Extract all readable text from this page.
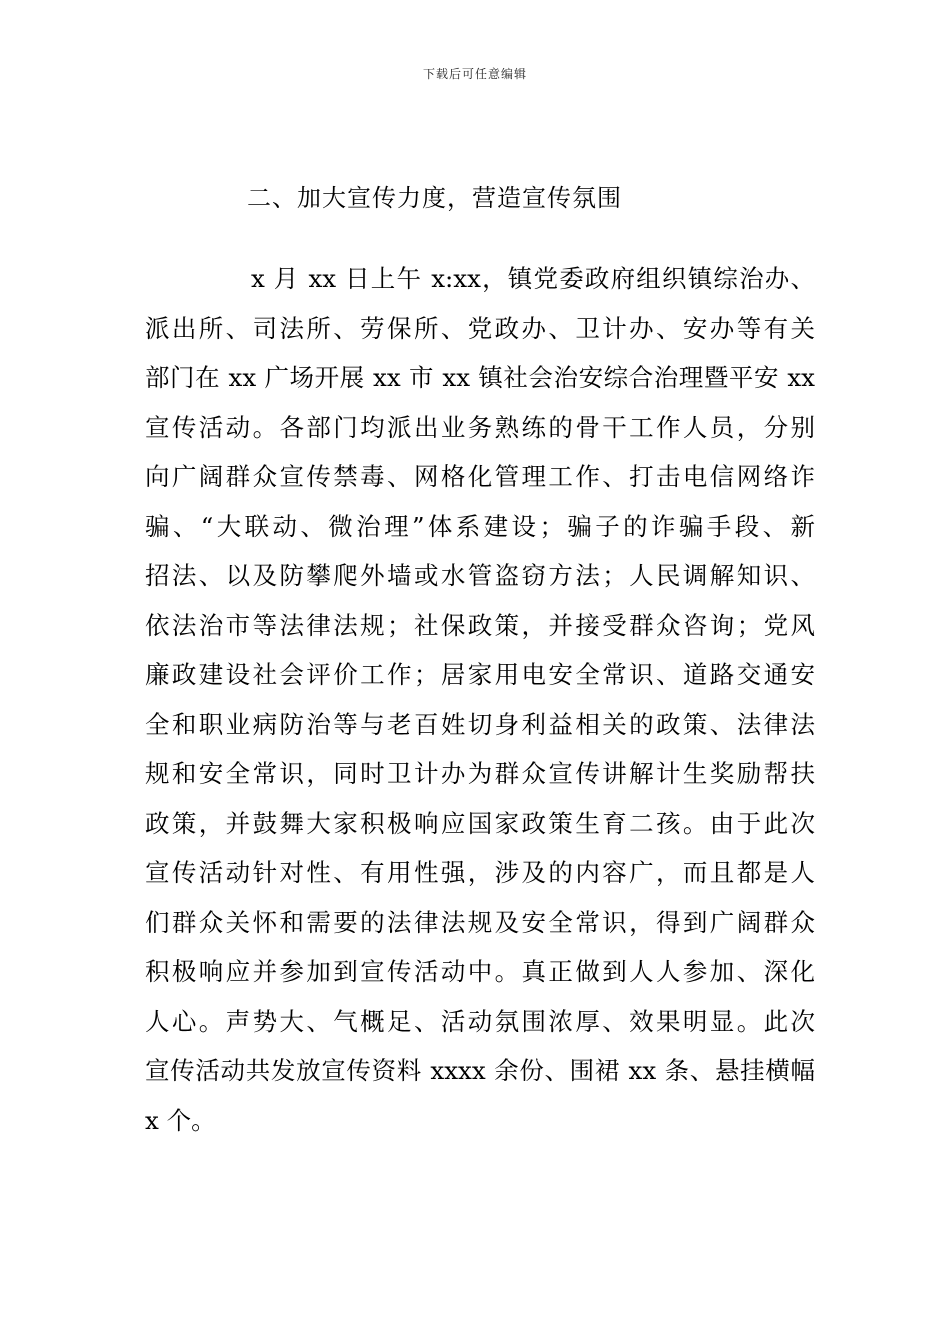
下载后可任意编辑
二、加大宣传力度，营造宣传氛围
x 月 xx 日上午 x:xx，镇党委政府组织镇综治办、
派出所、司法所、劳保所、党政办、卫计办、安办等有关
部门在 xx 广场开展 xx 市 xx 镇社会治安综合治理暨平安 xx
宣传活动。各部门均派出业务熟练的骨干工作人员，分别
向广阔群众宣传禁毒、网格化管理工作、打击电信网络诈
骗、“大联动、微治理”体系建设；骗子的诈骗手段、新
招法、以及防攀爬外墙或水管盗窃方法；人民调解知识、
依法治市等法律法规；社保政策，并接受群众咨询；党风
廉政建设社会评价工作；居家用电安全常识、道路交通安
全和职业病防治等与老百姓切身利益相关的政策、法律法
规和安全常识，同时卫计办为群众宣传讲解计生奖励帮扶
政策，并鼓舞大家积极响应国家政策生育二孩。由于此次
宣传活动针对性、有用性强，涉及的内容广，而且都是人
们群众关怀和需要的法律法规及安全常识，得到广阔群众
积极响应并参加到宣传活动中。真正做到人人参加、深化
人心。声势大、气概足、活动氛围浓厚、效果明显。此次
宣传活动共发放宣传资料 xxxx 余份、围裙 xx 条、悬挂横幅
x 个。
